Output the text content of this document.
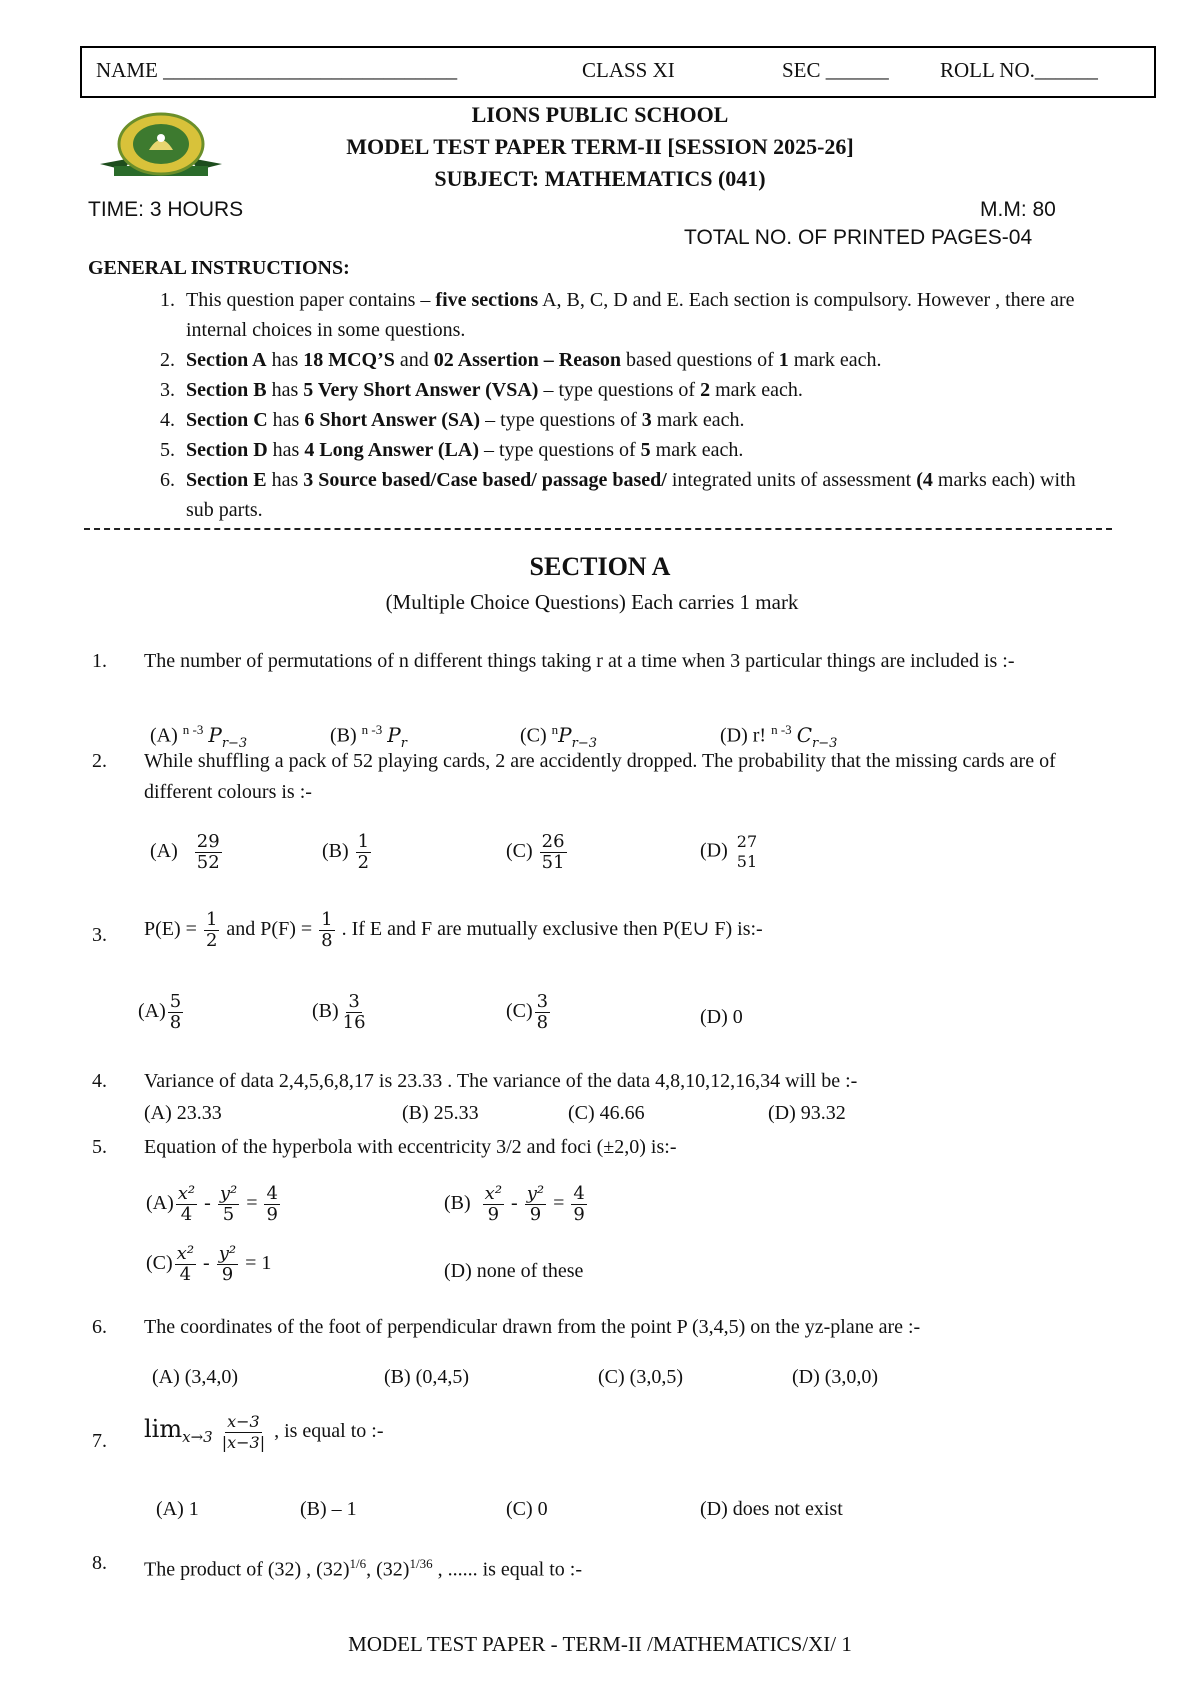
NAME ____________________________	CLASS XI	SEC ______ ROLL NO.______
LIONS PUBLIC SCHOOL
MODEL TEST PAPER TERM-II [SESSION 2025-26]
SUBJECT: MATHEMATICS (041)
TIME: 3 HOURS	M.M: 80
TOTAL NO. OF PRINTED PAGES-04
GENERAL INSTRUCTIONS:
1. This question paper contains – five sections A, B, C, D and E. Each section is compulsory. However , there are internal choices in some questions.
2. Section A has 18 MCQ’S and 02 Assertion – Reason based questions of 1 mark each.
3. Section B has 5 Very Short Answer (VSA) – type questions of 2 mark each.
4. Section C has 6 Short Answer (SA) – type questions of 3 mark each.
5. Section D has 4 Long Answer (LA) – type questions of 5 mark each.
6. Section E has 3 Source based/Case based/ passage based/ integrated units of assessment (4 marks each) with sub parts.
SECTION A
(Multiple Choice Questions) Each carries 1 mark
1.	The number of permutations of n different things taking r at a time when 3 particular things are included is :-
(A) $^{n -3}$ $P_{r-3}$	(B) $^{n -3}$ $P_r$	(C) $^nP_{r-3}$	(D) r! $^{n -3}$ $C_{r-3}$
2.	While shuffling a pack of 52 playing cards, 2 are accidently dropped. The probability that the missing cards are of different colours is :-
$(A) \frac{29}{52}$	$(B) \frac{1}{2}$	$(C) \frac{26}{51}$	(D) 27
51
3.	$P(E) = \frac{1}{2}$ and $P(F) = \frac{1}{8}$ . If E and F are mutually exclusive then P(E∪ F) is:-
$(A) \frac{5}{8}$	$(B) \frac{3}{16}$	$(C) \frac{3}{8}$	(D) 0
4.	Variance of data 2,4,5,6,8,17 is 23.33 . The variance of the data 4,8,10,12,16,34 will be :-
(A) 23.33	(B) 25.33	(C) 46.66	(D) 93.32
5.	Equation of the hyperbola with eccentricity 3/2 and foci (±2,0) is:-
$(A) \frac{\text{x²}}{4} - \frac{\text{y²}}{5} = \frac{4}{9}$	$(B) \frac{\text{x²}}{9} - \frac{\text{y²}}{9} = \frac{4}{9}$
$(C) \frac{\text{x²}}{4} - \frac{\text{y²}}{9} = 1$	(D) none of these
6.	The coordinates of the foot of perpendicular drawn from the point P (3,4,5) on the yz-plane are :-
(A) (3,4,0)	(B) (0,4,5)	(C) (3,0,5)	(D) (3,0,0)
7.	$\lim_{x\to 3} \frac{x-3}{|x-3|}$ , is equal to :-
(A) 1	(B) – 1	(C) 0	(D) does not exist
8.	The product of (32) , $(32)^{1/6}$, $(32)^{1/36}$ , ...... is equal to :-
MODEL TEST PAPER - TERM-II /MATHEMATICS/XI/ 1
